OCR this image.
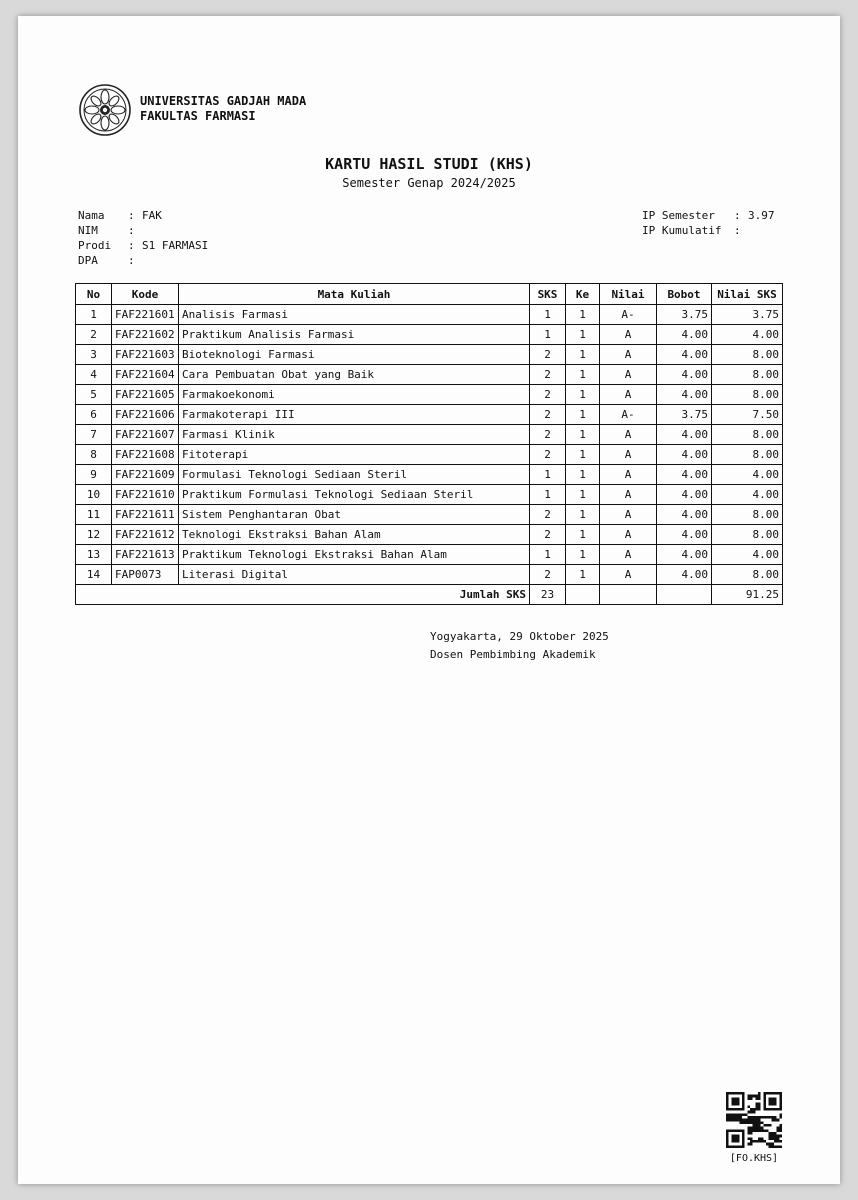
UNIVERSITAS GADJAH MADA
FAKULTAS FARMASI
KARTU HASIL STUDI (KHS)
Semester Genap 2024/2025
Nama	: FAK
NIM	:
Prodi	: S1 FARMASI
DPA	:
IP Semester	: 3.97
IP Kumulatif	:
No	Kode	Mata Kuliah	SKS	Ke	Nilai	Bobot	Nilai SKS
1	FAF221601	Analisis Farmasi	1	1	A-	3.75	3.75
2	FAF221602	Praktikum Analisis Farmasi	1	1	A	4.00	4.00
3	FAF221603	Bioteknologi Farmasi	2	1	A	4.00	8.00
4	FAF221604	Cara Pembuatan Obat yang Baik	2	1	A	4.00	8.00
5	FAF221605	Farmakoekonomi	2	1	A	4.00	8.00
6	FAF221606	Farmakoterapi III	2	1	A-	3.75	7.50
7	FAF221607	Farmasi Klinik	2	1	A	4.00	8.00
8	FAF221608	Fitoterapi	2	1	A	4.00	8.00
9	FAF221609	Formulasi Teknologi Sediaan Steril	1	1	A	4.00	4.00
10	FAF221610	Praktikum Formulasi Teknologi Sediaan Steril	1	1	A	4.00	4.00
11	FAF221611	Sistem Penghantaran Obat	2	1	A	4.00	8.00
12	FAF221612	Teknologi Ekstraksi Bahan Alam	2	1	A	4.00	8.00
13	FAF221613	Praktikum Teknologi Ekstraksi Bahan Alam	1	1	A	4.00	4.00
14	FAP0073	Literasi Digital	2	1	A	4.00	8.00
Jumlah SKS			23				91.25
Yogyakarta, 29 Oktober 2025
Dosen Pembimbing Akademik
[FO.KHS]
